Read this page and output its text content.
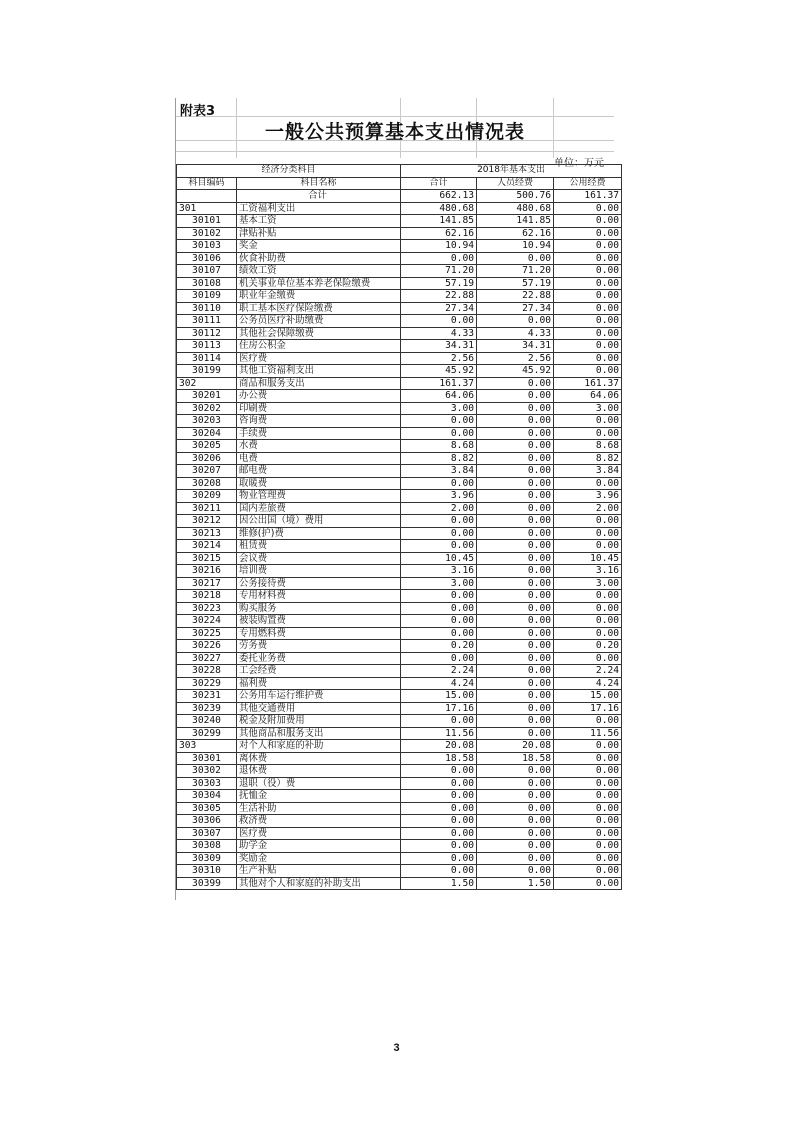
附表3
一般公共预算基本支出情况表
单位：万元
经济分类科目		2018年基本支出		
科目编码	科目名称	合计	人员经费	公用经费
	合计	662.13	500.76	161.37
301	工资福利支出	480.68	480.68	0.00
30101	基本工资	141.85	141.85	0.00
30102	津贴补贴	62.16	62.16	0.00
30103	奖金	10.94	10.94	0.00
30106	伙食补助费	0.00	0.00	0.00
30107	绩效工资	71.20	71.20	0.00
30108	机关事业单位基本养老保险缴费	57.19	57.19	0.00
30109	职业年金缴费	22.88	22.88	0.00
30110	职工基本医疗保险缴费	27.34	27.34	0.00
30111	公务员医疗补助缴费	0.00	0.00	0.00
30112	其他社会保障缴费	4.33	4.33	0.00
30113	住房公积金	34.31	34.31	0.00
30114	医疗费	2.56	2.56	0.00
30199	其他工资福利支出	45.92	45.92	0.00
302	商品和服务支出	161.37	0.00	161.37
30201	办公费	64.06	0.00	64.06
30202	印刷费	3.00	0.00	3.00
30203	咨询费	0.00	0.00	0.00
30204	手续费	0.00	0.00	0.00
30205	水费	8.68	0.00	8.68
30206	电费	8.82	0.00	8.82
30207	邮电费	3.84	0.00	3.84
30208	取暖费	0.00	0.00	0.00
30209	物业管理费	3.96	0.00	3.96
30211	国内差旅费	2.00	0.00	2.00
30212	因公出国（境）费用	0.00	0.00	0.00
30213	维修(护)费	0.00	0.00	0.00
30214	租赁费	0.00	0.00	0.00
30215	会议费	10.45	0.00	10.45
30216	培训费	3.16	0.00	3.16
30217	公务接待费	3.00	0.00	3.00
30218	专用材料费	0.00	0.00	0.00
30223	购买服务	0.00	0.00	0.00
30224	被装购置费	0.00	0.00	0.00
30225	专用燃料费	0.00	0.00	0.00
30226	劳务费	0.20	0.00	0.20
30227	委托业务费	0.00	0.00	0.00
30228	工会经费	2.24	0.00	2.24
30229	福利费	4.24	0.00	4.24
30231	公务用车运行维护费	15.00	0.00	15.00
30239	其他交通费用	17.16	0.00	17.16
30240	税金及附加费用	0.00	0.00	0.00
30299	其他商品和服务支出	11.56	0.00	11.56
303	对个人和家庭的补助	20.08	20.08	0.00
30301	离休费	18.58	18.58	0.00
30302	退休费	0.00	0.00	0.00
30303	退职（役）费	0.00	0.00	0.00
30304	抚恤金	0.00	0.00	0.00
30305	生活补助	0.00	0.00	0.00
30306	救济费	0.00	0.00	0.00
30307	医疗费	0.00	0.00	0.00
30308	助学金	0.00	0.00	0.00
30309	奖励金	0.00	0.00	0.00
30310	生产补贴	0.00	0.00	0.00
30399	其他对个人和家庭的补助支出	1.50	1.50	0.00
3
